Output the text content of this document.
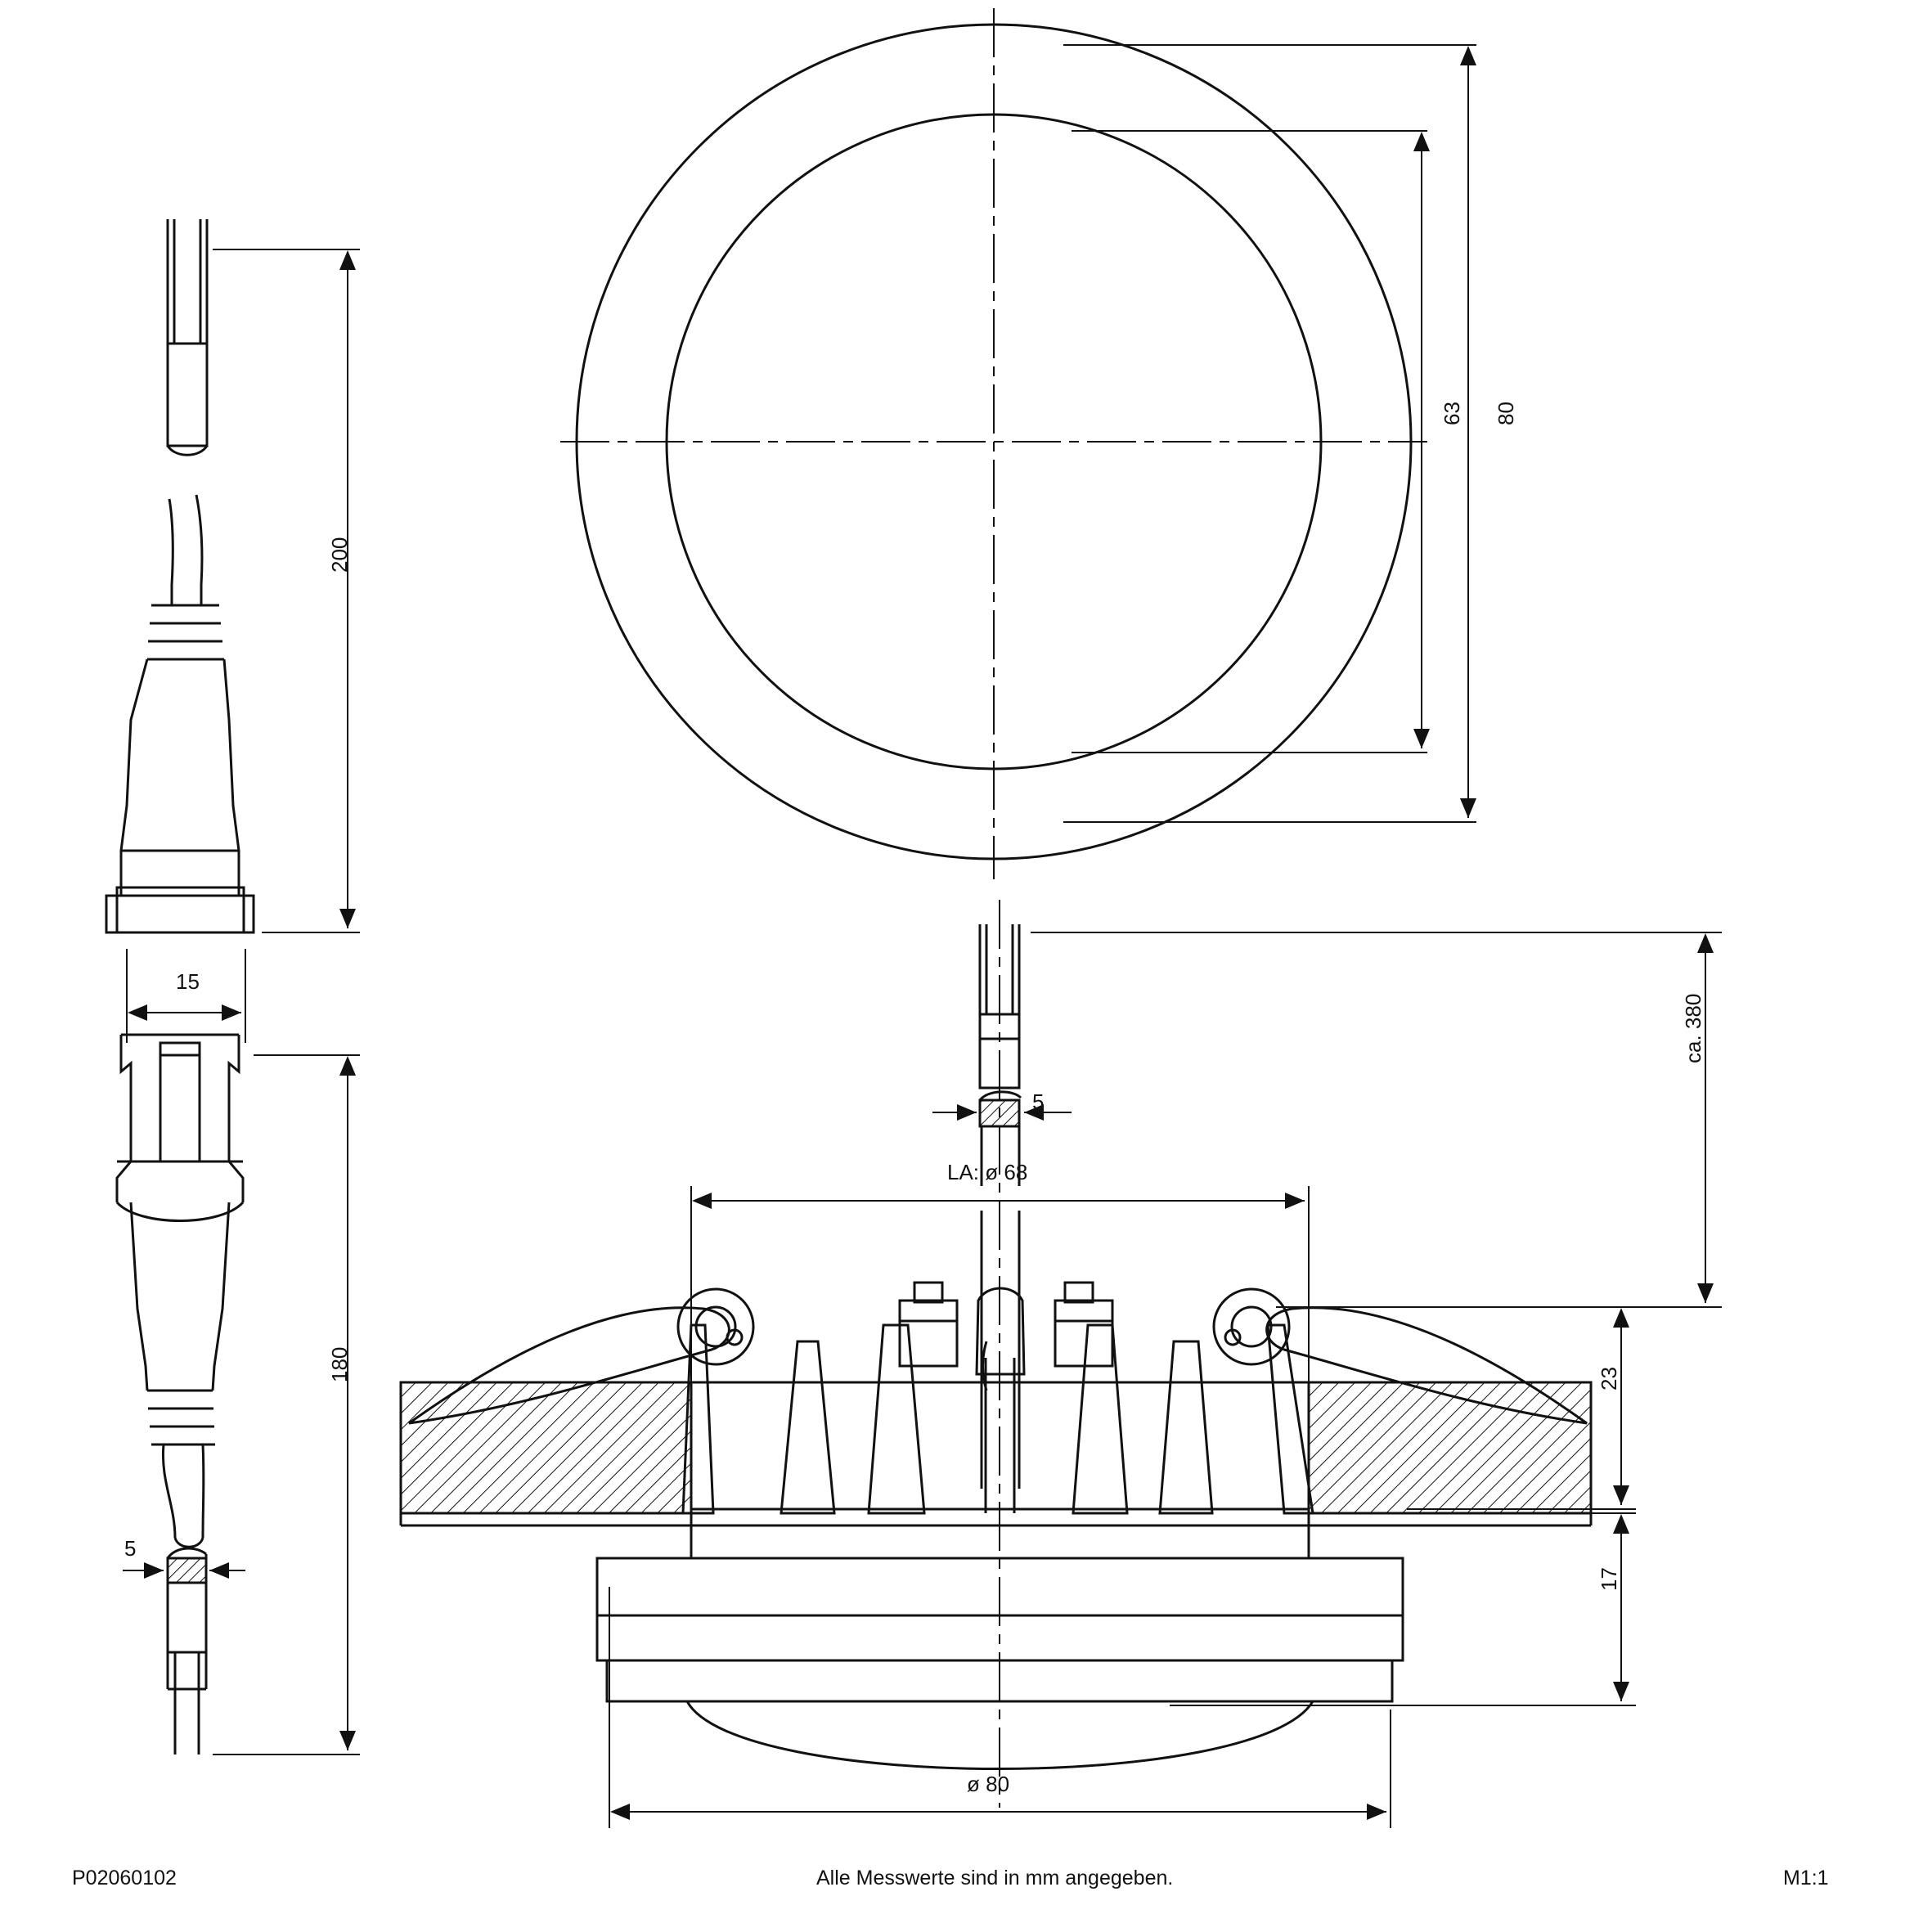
63 80
200
15
180
5
5
LA: ø 68
ca. 380
23
17
ø 80
P02060102	Alle Messwerte sind in mm angegeben.	M1:1
